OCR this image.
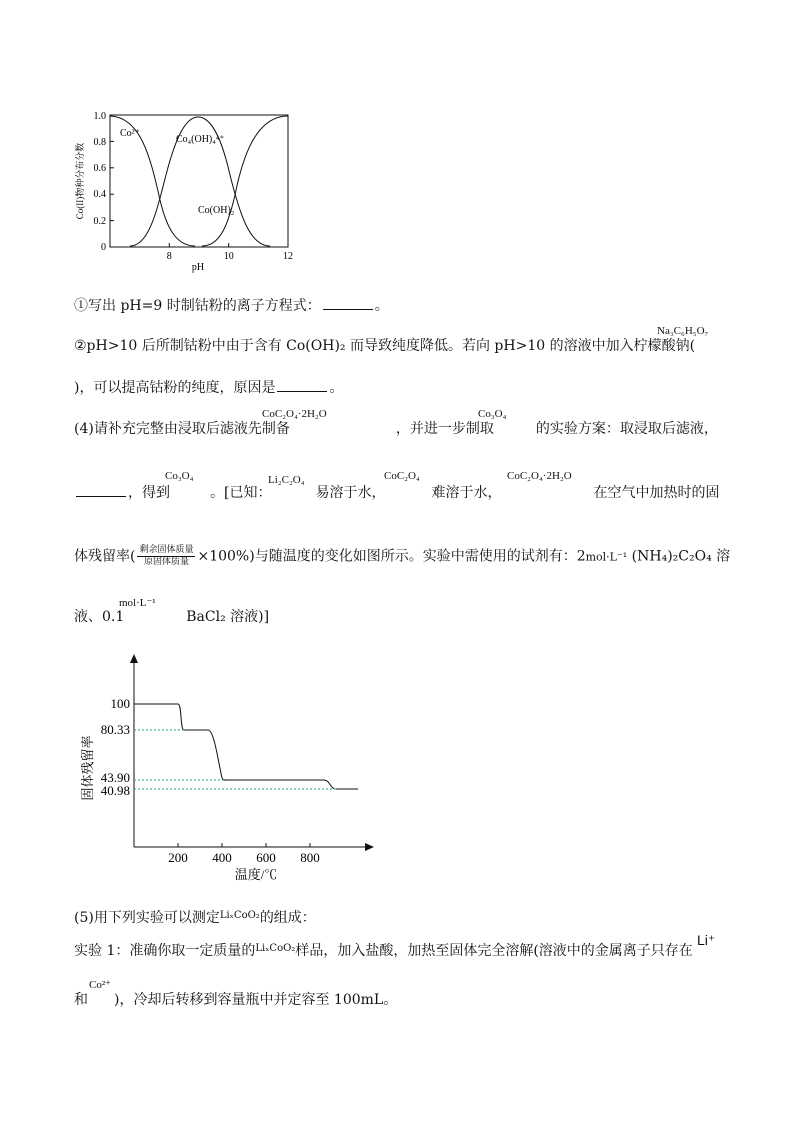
1.0
0.8
0.6
0.4
0.2
0
8	10	12
pH
Co(II)物种分布分数
Co²⁺
Co₄(OH)₄⁴⁺
Co(OH)₂
①写出 pH=9 时制钴粉的离子方程式：	。
②pH>10 后所制钴粉中由于含有 Co(OH)₂ 而导致纯度降低。若向 pH>10 的溶液中加入柠檬酸钠(
Na₃C₆H₅O₇
)，可以提高钴粉的纯度，原因是	。
(4)请补充完整由浸取后滤液先制备	，并进一步制取	的实验方案：取浸取后滤液，
CoC₂O₄·2H₂O	Co₃O₄
，得到	。[已知：	易溶于水，	难溶于水，	在空气中加热时的固
Co₃O₄	Li₂C₂O₄	CoC₂O₄	CoC₂O₄·2H₂O
体残留率( $\frac{\text{剩余固体质量}}{\text{原固体质量}} \times 100\%$)与随温度的变化如图所示。实验中需使用的试剂有：2mol·L⁻¹ (NH₄)₂C₂O₄ 溶
液、0.1	BaCl₂ 溶液)]
mol·L⁻¹
100
80.33
43.90
40.98
200 400 600 800
温度/℃
固体残留率
(5)用下列实验可以测定$^{Li_xCoO_2}$的组成：
实验 1：准确你取一定质量的$^{Li_xCoO_2}$样品，加入盐酸，加热至固体完全溶解(溶液中的金属离子只存在
Li⁺
和 )，冷却后转移到容量瓶中并定容至 100mL。
Co²⁺
